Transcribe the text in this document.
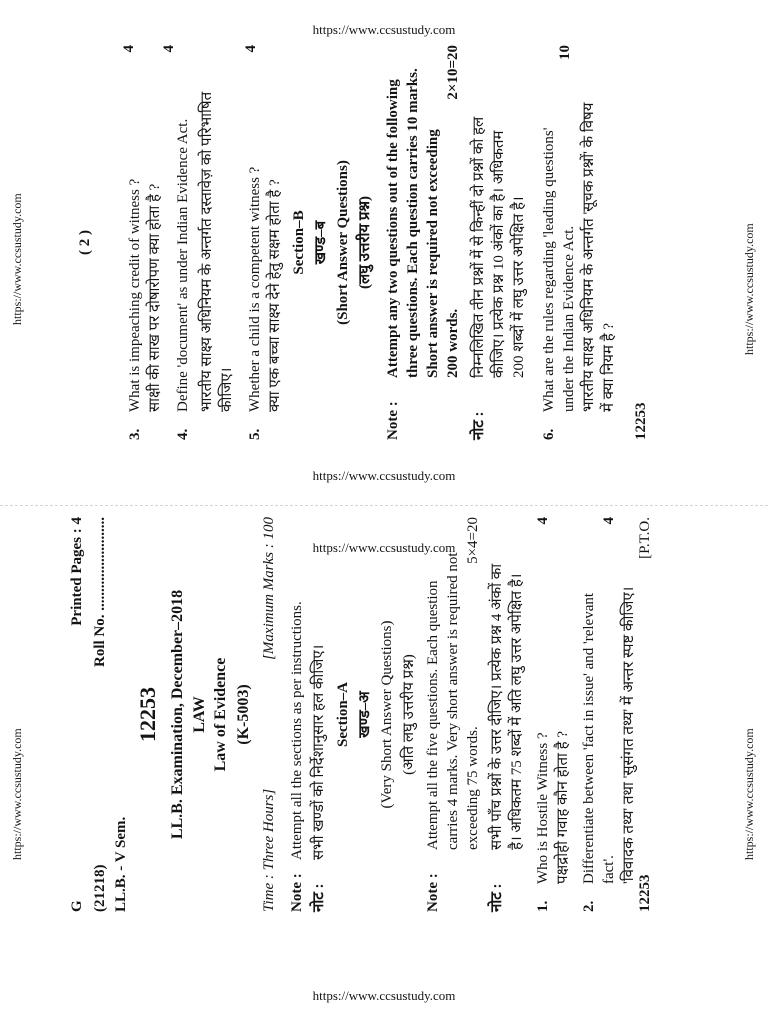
https://www.ccsustudy.com
https://www.ccsustudy.com
https://www.ccsustudy.com
https://www.ccsustudy.com
https://www.ccsustudy.com	https://www.ccsustudy.com
https://www.ccsustudy.com	https://www.ccsustudy.com
G
Printed Pages : 4
(21218)
Roll No. .........................
LL.B. - V Sem.
12253 LL.B. Examination, December–2018 LAW Law of Evidence (K-5003)
Time : Three Hours]
[Maximum Marks : 100
Note :
Attempt all the sections as per instructions.
नोट :
सभी खण्डों को निर्देशानुसार हल कीजिए। Section–A खण्ड–अ (Very Short Answer Questions) (अति लघु उत्तरीय प्रश्न)
Note :
Attempt all the five questions. Each question carries 4 marks. Very short answer is required not exceeding 75 words.
5×4=20
नोट :
सभी पाँच प्रश्नों के उत्तर दीजिए। प्रत्येक प्रश्न 4 अंकों का है। अधिकतम 75 शब्दों में अति लघु उत्तर अपेक्षित है।
1.
Who is Hostile Witness ?
4
पक्षद्रोही गवाह कौन होता है ?
2.
Differentiate between 'fact in issue' and 'relevant fact'.
4
'विवादक तथ्य' तथा 'सुसंगत तथ्य' में अन्तर स्पष्ट कीजिए।
12253
[P.T.O.
( 2 )
3.
What is impeaching credit of witness ?
4
साक्षी की साख पर दोषारोपण क्या होता है ?
4.
Define 'document' as under Indian Evidence Act.
4
भारतीय साक्ष्य अधिनियम के अन्तर्गत दस्तावेज़ को परिभाषित कीजिए।
5.
Whether a child is a competent witness ?
4
क्या एक बच्चा साक्ष्य देने हेतु सक्षम होता है ? Section–B खण्ड–ब (Short Answer Questions) (लघु उत्तरीय प्रश्न)
Note :
Attempt any two questions out of the following three questions. Each question carries 10 marks. Short answer is required not exceeding 200 words.
2×10=20
नोट :
निम्नलिखित तीन प्रश्नों में से किन्हीं दो प्रश्नों को हल कीजिए। प्रत्येक प्रश्न 10 अंकों का है। अधिकतम 200 शब्दों में लघु उत्तर अपेक्षित है।
6.
What are the rules regarding 'leading questions' under the Indian Evidence Act.
10
भारतीय साक्ष्य अधिनियम के अन्तर्गत 'सूचक प्रश्नों' के विषय में क्या नियम है ?
12253
